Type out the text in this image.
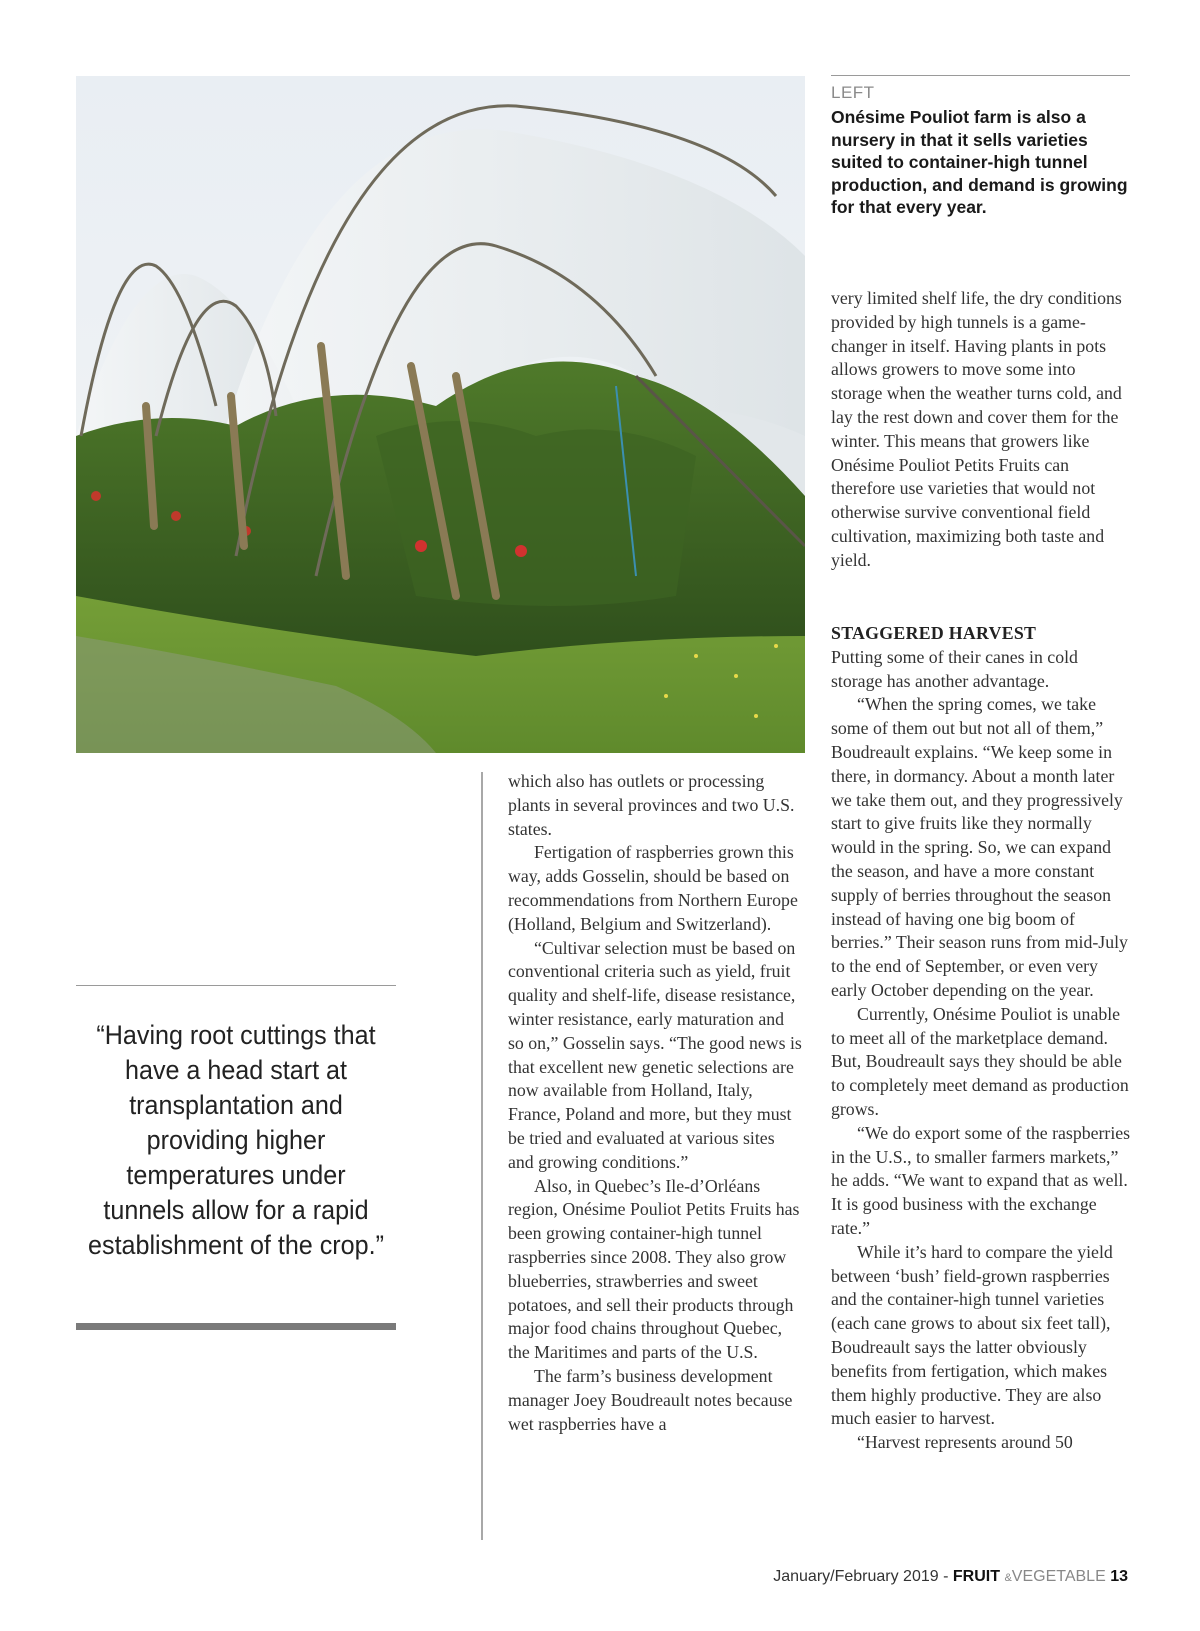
LEFT
Onésime Pouliot farm is also a nursery in that it sells varieties suited to container-high tunnel production, and demand is growing for that every year.

very limited shelf life, the dry conditions provided by high tunnels is a game-changer in itself. Having plants in pots allows growers to move some into storage when the weather turns cold, and lay the rest down and cover them for the winter. This means that growers like Onésime Pouliot Petits Fruits can therefore use varieties that would not otherwise survive conventional field cultivation, maximizing both taste and yield.

STAGGERED HARVEST

Putting some of their canes in cold storage has another advantage.

“When the spring comes, we take some of them out but not all of them,” Boudreault explains. “We keep some in there, in dormancy. About a month later we take them out, and they progressively start to give fruits like they normally would in the spring. So, we can expand the season, and have a more constant supply of berries throughout the season instead of having one big boom of berries.” Their season runs from mid-July to the end of September, or even very early October depending on the year.

Currently, Onésime Pouliot is unable to meet all of the marketplace demand. But, Boudreault says they should be able to completely meet demand as production grows.

“We do export some of the raspberries in the U.S., to smaller farmers markets,” he adds. “We want to expand that as well. It is good business with the exchange rate.”

While it’s hard to compare the yield between ‘bush’ field-grown raspberries and the container-high tunnel varieties (each cane grows to about six feet tall), Boudreault says the latter obviously benefits from fertigation, which makes them highly productive. They are also much easier to harvest.

“Harvest represents around 50

which also has outlets or processing plants in several provinces and two U.S. states.

Fertigation of raspberries grown this way, adds Gosselin, should be based on recommendations from Northern Europe (Holland, Belgium and Switzerland).

“Cultivar selection must be based on conventional criteria such as yield, fruit quality and shelf-life, disease resistance, winter resistance, early maturation and so on,” Gosselin says. “The good news is that excellent new genetic selections are now available from Holland, Italy, France, Poland and more, but they must be tried and evaluated at various sites and growing conditions.”

Also, in Quebec’s Ile-d’Orléans region, Onésime Pouliot Petits Fruits has been growing container-high tunnel raspberries since 2008. They also grow blueberries, strawberries and sweet potatoes, and sell their products through major food chains throughout Quebec, the Maritimes and parts of the U.S.

The farm’s business development manager Joey Boudreault notes because wet raspberries have a

“Having root cuttings that have a head start at transplantation and providing higher temperatures under tunnels allow for a rapid establishment of the crop.”
January/February 2019 - FRUIT &VEGETABLE 13
